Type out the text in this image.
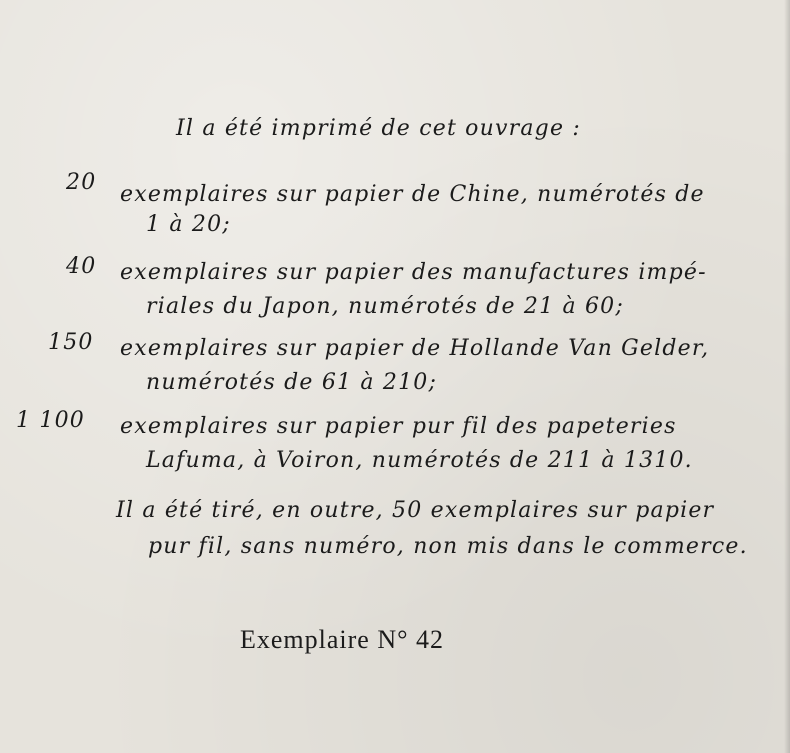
Il a été imprimé de cet ouvrage :
20 exemplaires sur papier de Chine, numérotés de
1 à 20;
40 exemplaires sur papier des manufactures impé-
riales du Japon, numérotés de 21 à 60;
150 exemplaires sur papier de Hollande Van Gelder,
numérotés de 61 à 210;
1 100 exemplaires sur papier pur fil des papeteries
Lafuma, à Voiron, numérotés de 211 à 1310.
Il a été tiré, en outre, 50 exemplaires sur papier
pur fil, sans numéro, non mis dans le commerce.
Exemplaire N° 42
